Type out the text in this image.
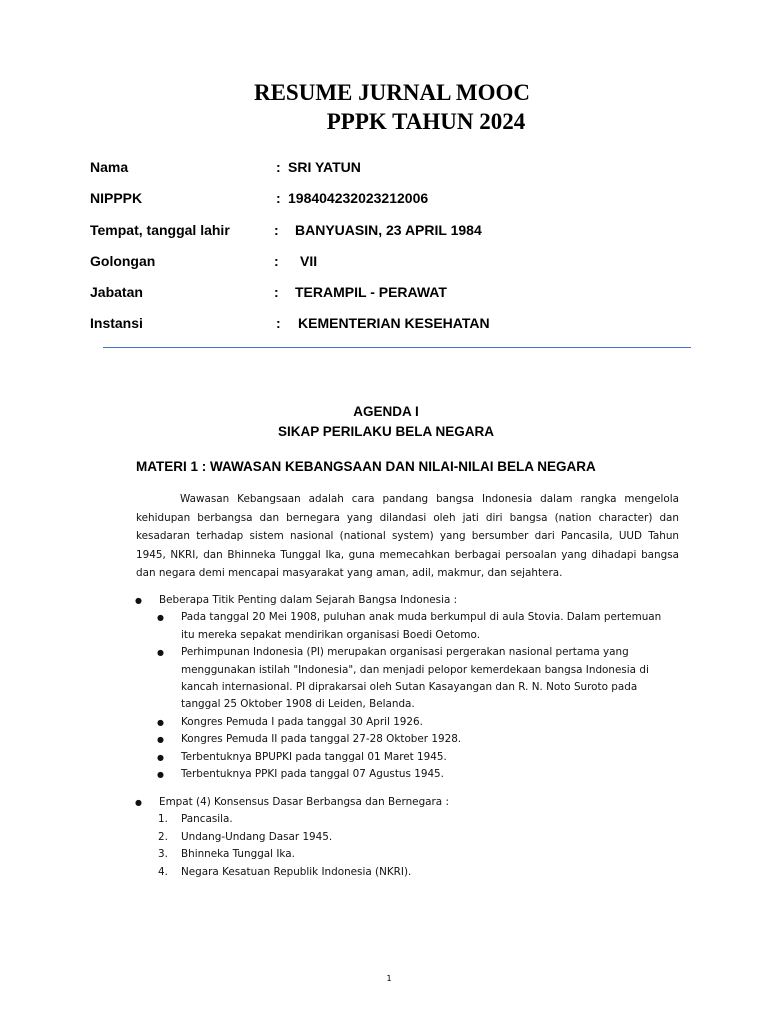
RESUME JURNAL MOOC
PPPK TAHUN 2024
Nama	: SRI YATUN
NIPPPK	: 198404232023212006
Tempat, tanggal lahir	: BANYUASIN, 23 APRIL 1984
Golongan	: VII
Jabatan	: TERAMPIL - PERAWAT
Instansi	: KEMENTERIAN KESEHATAN
AGENDA I
SIKAP PERILAKU BELA NEGARA
MATERI 1 : WAWASAN KEBANGSAAN DAN NILAI-NILAI BELA NEGARA

Wawasan Kebangsaan adalah cara pandang bangsa Indonesia dalam rangka mengelola kehidupan berbangsa dan bernegara yang dilandasi oleh jati diri bangsa (nation character) dan kesadaran terhadap sistem nasional (national system) yang bersumber dari Pancasila, UUD Tahun 1945, NKRI, dan Bhinneka Tunggal Ika, guna memecahkan berbagai persoalan yang dihadapi bangsa dan negara demi mencapai masyarakat yang aman, adil, makmur, dan sejahtera.

● Beberapa Titik Penting dalam Sejarah Bangsa Indonesia :
● Pada tanggal 20 Mei 1908, puluhan anak muda berkumpul di aula Stovia. Dalam pertemuan itu mereka sepakat mendirikan organisasi Boedi Oetomo.
● Perhimpunan Indonesia (PI) merupakan organisasi pergerakan nasional pertama yang menggunakan istilah "Indonesia", dan menjadi pelopor kemerdekaan bangsa Indonesia di kancah internasional. PI diprakarsai oleh Sutan Kasayangan dan R. N. Noto Suroto pada tanggal 25 Oktober 1908 di Leiden, Belanda.
● Kongres Pemuda I pada tanggal 30 April 1926.
● Kongres Pemuda II pada tanggal 27-28 Oktober 1928.
● Terbentuknya BPUPKI pada tanggal 01 Maret 1945.
● Terbentuknya PPKI pada tanggal 07 Agustus 1945.
● Empat (4) Konsensus Dasar Berbangsa dan Bernegara :
1. Pancasila.
2. Undang-Undang Dasar 1945.
3. Bhinneka Tunggal Ika.
4. Negara Kesatuan Republik Indonesia (NKRI).
1
